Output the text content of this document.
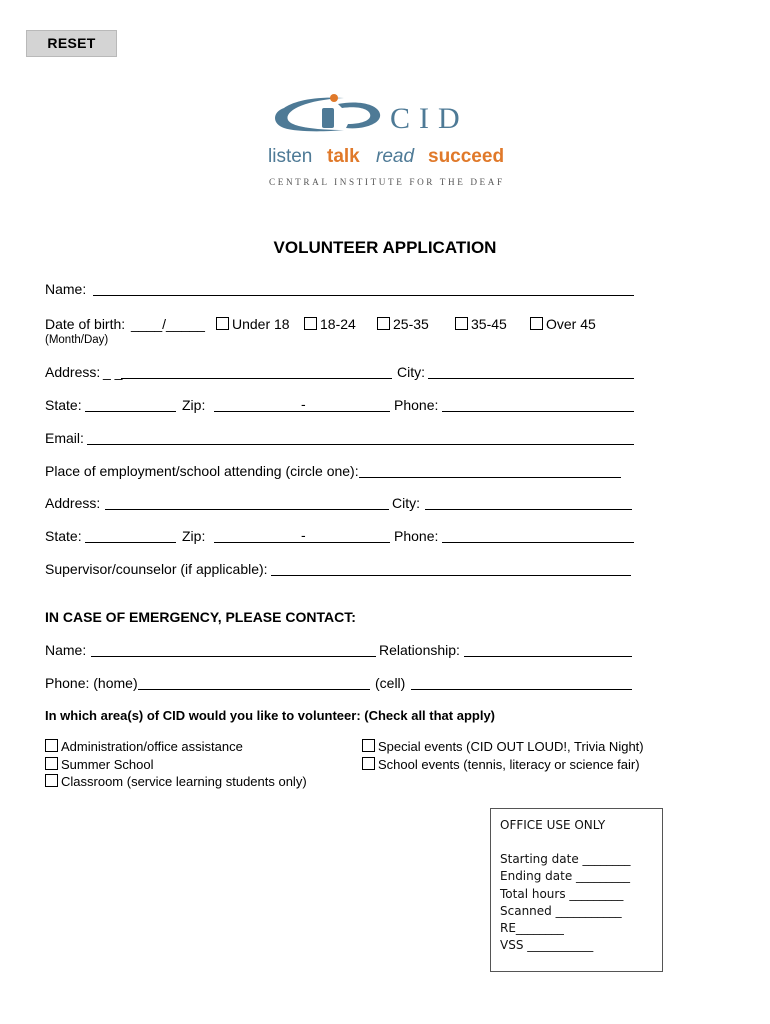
RESET
CID
listen talk read succeed
CENTRAL INSTITUTE FOR THE DEAF
VOLUNTEER APPLICATION
Name:
Date of birth: ____/_____	Under 18	18-24	25-35	35-45	Over 45
(Month/Day)
Address: _ _	City:
State:	Zip:	-	Phone:
Email:
Place of employment/school attending (circle one):
Address:	City:
State:	Zip:	-	Phone:
Supervisor/counselor (if applicable):
IN CASE OF EMERGENCY, PLEASE CONTACT:
Name:	Relationship:
Phone: (home)	(cell)
In which area(s) of CID would you like to volunteer: (Check all that apply)
Administration/office assistance
Summer School
Classroom (service learning students only)
Special events (CID OUT LOUD!, Trivia Night)
School events (tennis, literacy or science fair)
OFFICE USE ONLY
Starting date ________
Ending date _________
Total hours _________
Scanned ___________
RE________
VSS ___________
